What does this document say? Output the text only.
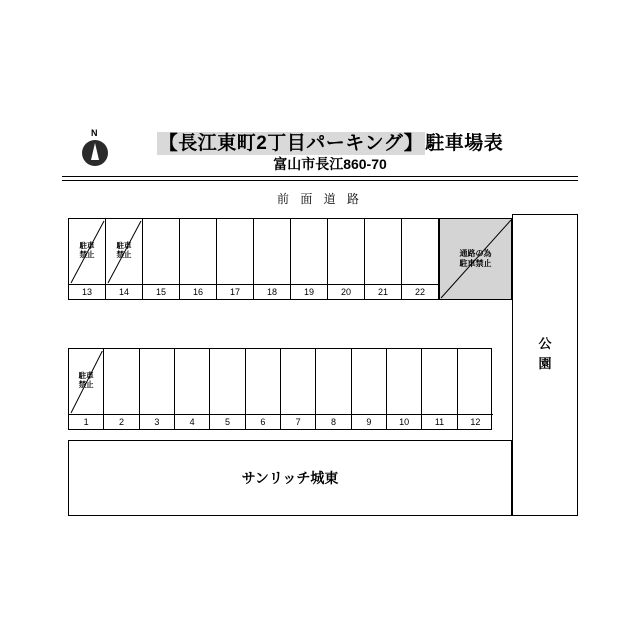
N	【長江東町2丁目パーキング】 駐車場表
富山市長江860-70
前 面 道 路
公
園
駐車
禁止
13
駐車
禁止
14	15	16	17	18	19	20	21	22
通路の為
駐車禁止
駐車
禁止
1	2	3	4	5	6	7	8	9	10	11	12
サンリッチ城東
